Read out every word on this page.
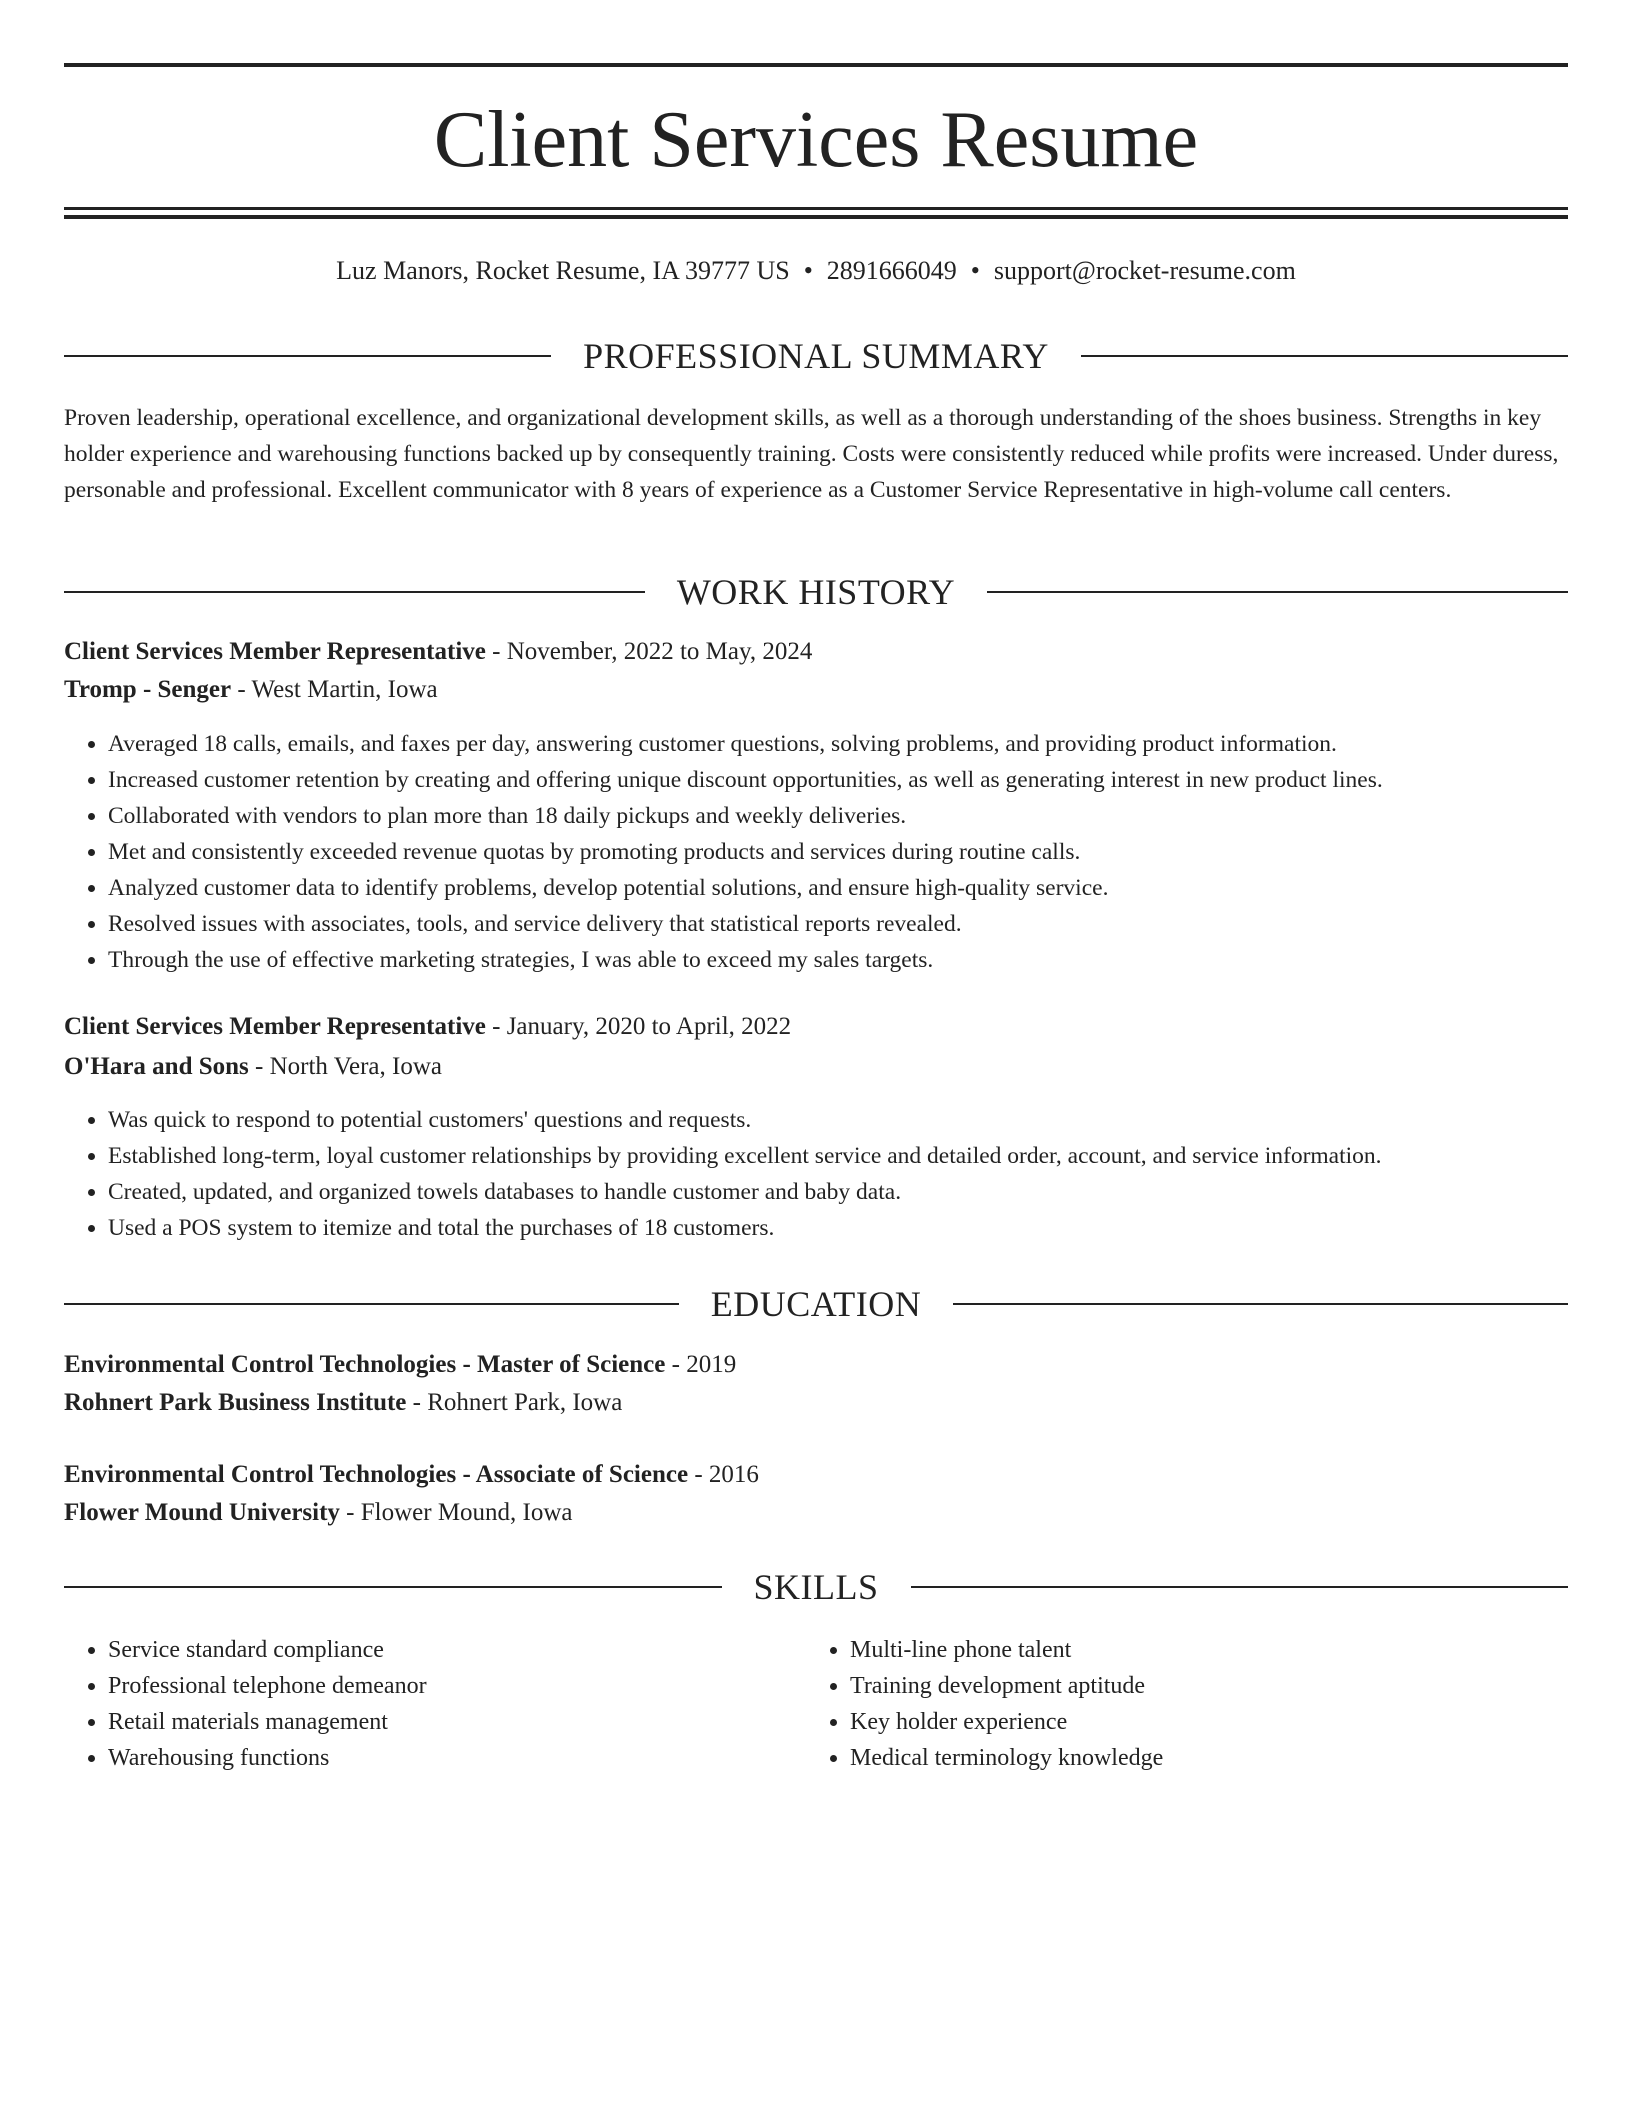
Client Services Resume
Luz Manors, Rocket Resume, IA 39777 US • 2891666049 • support@rocket-resume.com
PROFESSIONAL SUMMARY

Proven leadership, operational excellence, and organizational development skills, as well as a thorough understanding of the shoes business. Strengths in key holder experience and warehousing functions backed up by consequently training. Costs were consistently reduced while profits were increased. Under duress, personable and professional. Excellent communicator with 8 years of experience as a Customer Service Representative in high-volume call centers.

WORK HISTORY
Client Services Member Representative - November, 2022 to May, 2024
Tromp - Senger - West Martin, Iowa
• Averaged 18 calls, emails, and faxes per day, answering customer questions, solving problems, and providing product information.
• Increased customer retention by creating and offering unique discount opportunities, as well as generating interest in new product lines.
• Collaborated with vendors to plan more than 18 daily pickups and weekly deliveries.
• Met and consistently exceeded revenue quotas by promoting products and services during routine calls.
• Analyzed customer data to identify problems, develop potential solutions, and ensure high-quality service.
• Resolved issues with associates, tools, and service delivery that statistical reports revealed.
• Through the use of effective marketing strategies, I was able to exceed my sales targets.
Client Services Member Representative - January, 2020 to April, 2022
O'Hara and Sons - North Vera, Iowa
• Was quick to respond to potential customers' questions and requests.
• Established long-term, loyal customer relationships by providing excellent service and detailed order, account, and service information.
• Created, updated, and organized towels databases to handle customer and baby data.
• Used a POS system to itemize and total the purchases of 18 customers.
EDUCATION
Environmental Control Technologies - Master of Science - 2019
Rohnert Park Business Institute - Rohnert Park, Iowa
Environmental Control Technologies - Associate of Science - 2016
Flower Mound University - Flower Mound, Iowa
SKILLS
• Service standard compliance
• Professional telephone demeanor
• Retail materials management
• Warehousing functions
• Multi-line phone talent
• Training development aptitude
• Key holder experience
• Medical terminology knowledge
